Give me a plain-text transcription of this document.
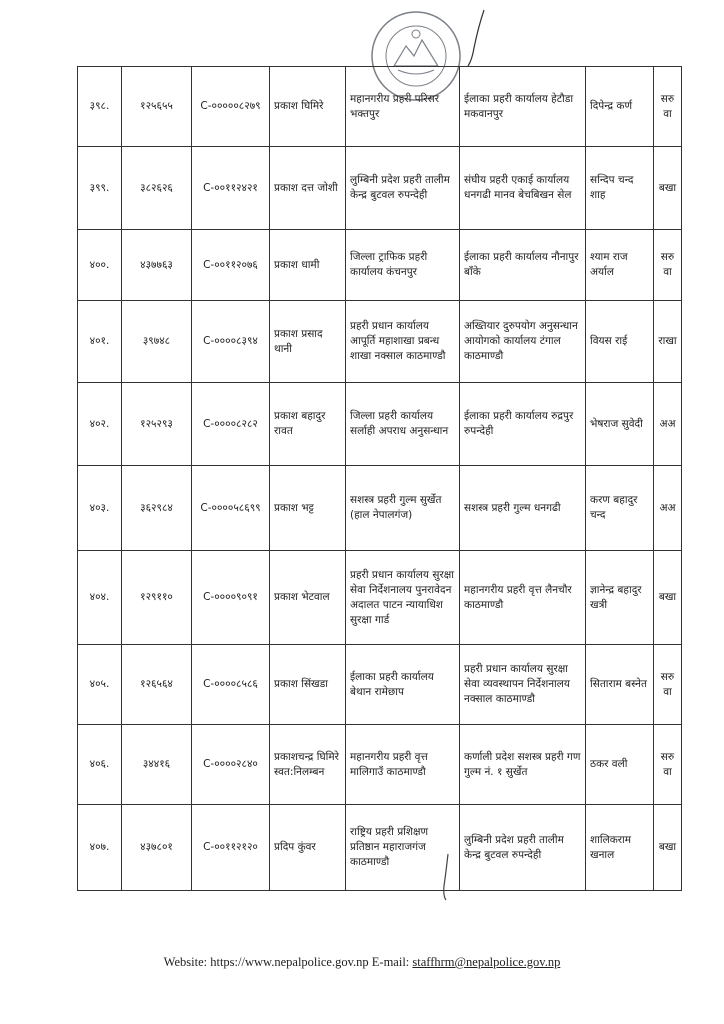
३९८.	१२५६५५	C-०००००८२७९	प्रकाश घिमिरे	महानगरीय प्रहरी परिसर भक्तपुर	ईलाका प्रहरी कार्यालय हेटौडा मकवानपुर	दिपेन्द्र कर्ण	सरुवा
३९९.	३८२६२६	C-००११२४२१	प्रकाश दत्त जोशी	लुम्बिनी प्रदेश प्रहरी तालीम केन्द्र बुटवल रुपन्देही	संघीय प्रहरी एकाई कार्यालय धनगढी मानव बेचबिखन सेल	सन्दिप चन्द शाह	बखा
४००.	४३७७६३	C-००११२०७६	प्रकाश धामी	जिल्ला ट्राफिक प्रहरी कार्यालय कंचनपुर	ईलाका प्रहरी कार्यालय नौनापुर बाँके	श्याम राज अर्याल	सरुवा
४०१.	३९७४८	C-००००८३९४	प्रकाश प्रसाद थानी	प्रहरी प्रधान कार्यालय आपूर्ति महाशाखा प्रबन्ध शाखा नक्साल काठमाण्डौ	अख्तियार दुरुपयोग अनुसन्धान आयोगको कार्यालय टंगाल काठमाण्डौ	वियस राई	राखा
४०२.	१२५२९३	C-००००८२८२	प्रकाश बहादुर रावत	जिल्ला प्रहरी कार्यालय सर्लाही अपराध अनुसन्धान	ईलाका प्रहरी कार्यालय रुद्रपुर रुपन्देही	भेषराज सुवेदी	अअ
४०३.	३६२९८४	C-००००५८६९९	प्रकाश भट्ट	सशस्त्र प्रहरी गुल्म सुर्खेत (हाल नेपालगंज)	सशस्त्र प्रहरी गुल्म धनगढी	करण बहादुर चन्द	अअ
४०४.	१२९११०	C-००००९०९१	प्रकाश भेटवाल	प्रहरी प्रधान कार्यालय सुरक्षा सेवा निर्देशनालय पुनरावेदन अदालत पाटन न्यायाधिश सुरक्षा गार्ड	महानगरीय प्रहरी वृत्त लैनचौर काठमाण्डौ	ज्ञानेन्द्र बहादुर खत्री	बखा
४०५.	१२६५६४	C-००००८५८६	प्रकाश सिंखडा	ईलाका प्रहरी कार्यालय बेथान रामेछाप	प्रहरी प्रधान कार्यालय सुरक्षा सेवा व्यवस्थापन निर्देशनालय नक्साल काठमाण्डौ	सिताराम बस्नेत	सरुवा
४०६.	३४४१६	C-००००२८४०	प्रकाशचन्द्र घिमिरे स्वत:निलम्बन	महानगरीय प्रहरी वृत्त मालिगाउँ काठमाण्डौ	कर्णाली प्रदेश सशस्त्र प्रहरी गण गुल्म नं. १ सुर्खेत	ठकर वली	सरुवा
४०७.	४३७८०१	C-००११२१२०	प्रदिप कुंवर	राष्ट्रिय प्रहरी प्रशिक्षण प्रतिष्ठान महाराजगंज काठमाण्डौ	लुम्बिनी प्रदेश प्रहरी तालीम केन्द्र बुटवल रुपन्देही	शालिकराम खनाल	बखा
Website: https://www.nepalpolice.gov.np E-mail: staffhrm@nepalpolice.gov.np
